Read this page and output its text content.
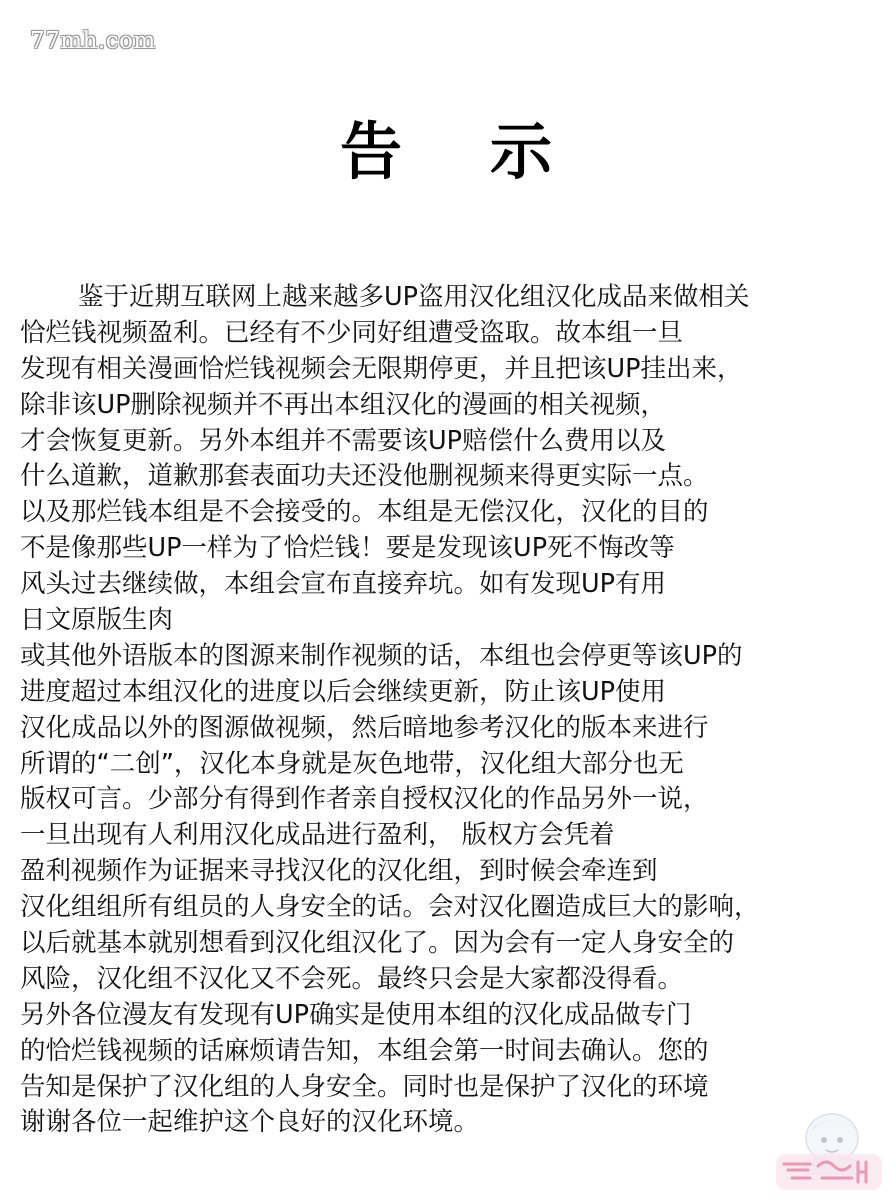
77mh.com
告示
鉴于近期互联网上越来越多UP盗用汉化组汉化成品来做相关
恰烂钱视频盈利。已经有不少同好组遭受盗取。故本组一旦
发现有相关漫画恰烂钱视频会无限期停更，并且把该UP挂出来，
除非该UP删除视频并不再出本组汉化的漫画的相关视频，
才会恢复更新。另外本组并不需要该UP赔偿什么费用以及
什么道歉，道歉那套表面功夫还没他删视频来得更实际一点。
以及那烂钱本组是不会接受的。本组是无偿汉化，汉化的目的
不是像那些UP一样为了恰烂钱！要是发现该UP死不悔改等
风头过去继续做，本组会宣布直接弃坑。如有发现UP有用
日文原版生肉
或其他外语版本的图源来制作视频的话，本组也会停更等该UP的
进度超过本组汉化的进度以后会继续更新，防止该UP使用
汉化成品以外的图源做视频，然后暗地参考汉化的版本来进行
所谓的“二创”，汉化本身就是灰色地带，汉化组大部分也无
版权可言。少部分有得到作者亲自授权汉化的作品另外一说，
一旦出现有人利用汉化成品进行盈利， 版权方会凭着
盈利视频作为证据来寻找汉化的汉化组，到时候会牵连到
汉化组组所有组员的人身安全的话。会对汉化圈造成巨大的影响，
以后就基本就别想看到汉化组汉化了。因为会有一定人身安全的
风险，汉化组不汉化又不会死。最终只会是大家都没得看。
另外各位漫友有发现有UP确实是使用本组的汉化成品做专门
的恰烂钱视频的话麻烦请告知，本组会第一时间去确认。您的
告知是保护了汉化组的人身安全。同时也是保护了汉化的环境
谢谢各位一起维护这个良好的汉化环境。
